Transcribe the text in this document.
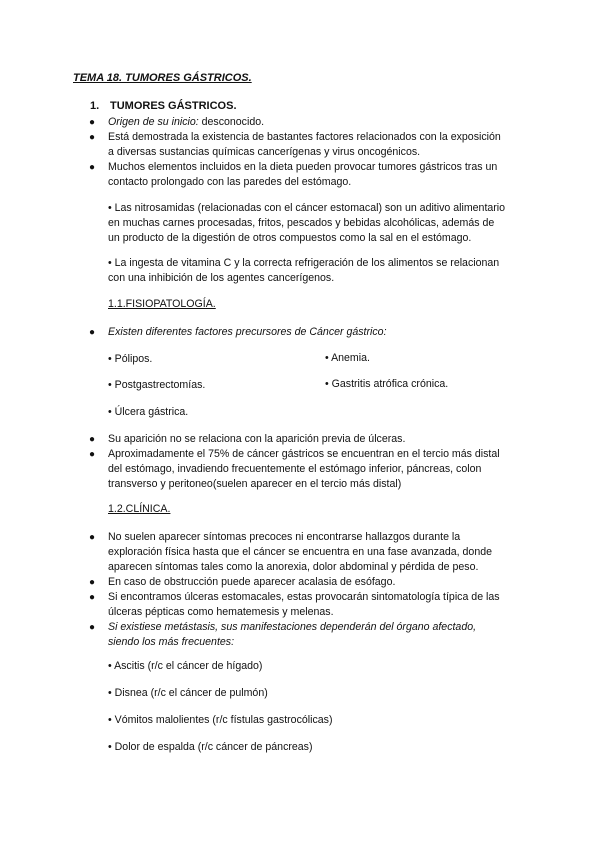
TEMA 18. TUMORES GÁSTRICOS.
1. TUMORES GÁSTRICOS.
● Origen de su inicio: desconocido.
● Está demostrada la existencia de bastantes factores relacionados con la exposición
a diversas sustancias químicas cancerígenas y virus oncogénicos.
● Muchos elementos incluidos en la dieta pueden provocar tumores gástricos tras un
contacto prolongado con las paredes del estómago.
• Las nitrosamidas (relacionadas con el cáncer estomacal) son un aditivo alimentario
en muchas carnes procesadas, fritos, pescados y bebidas alcohólicas, además de
un producto de la digestión de otros compuestos como la sal en el estómago.
• La ingesta de vitamina C y la correcta refrigeración de los alimentos se relacionan
con una inhibición de los agentes cancerígenos.
1.1.FISIOPATOLOGÍA.
● Existen diferentes factores precursores de Cáncer gástrico:
• Pólipos.	• Anemia.
• Postgastrectomías.	• Gastritis atrófica crónica.
• Úlcera gástrica.
● Su aparición no se relaciona con la aparición previa de úlceras.
● Aproximadamente el 75% de cáncer gástricos se encuentran en el tercio más distal
del estómago, invadiendo frecuentemente el estómago inferior, páncreas, colon
transverso y peritoneo(suelen aparecer en el tercio más distal)
1.2.CLÍNICA.
● No suelen aparecer síntomas precoces ni encontrarse hallazgos durante la
exploración física hasta que el cáncer se encuentra en una fase avanzada, donde
aparecen síntomas tales como la anorexia, dolor abdominal y pérdida de peso.
● En caso de obstrucción puede aparecer acalasia de esófago.
● Si encontramos úlceras estomacales, estas provocarán sintomatología típica de las
úlceras pépticas como hematemesis y melenas.
● Si existiese metástasis, sus manifestaciones dependerán del órgano afectado,
siendo los más frecuentes:
• Ascitis (r/c el cáncer de hígado)
• Disnea (r/c el cáncer de pulmón)
• Vómitos malolientes (r/c fístulas gastrocólicas)
• Dolor de espalda (r/c cáncer de páncreas)
